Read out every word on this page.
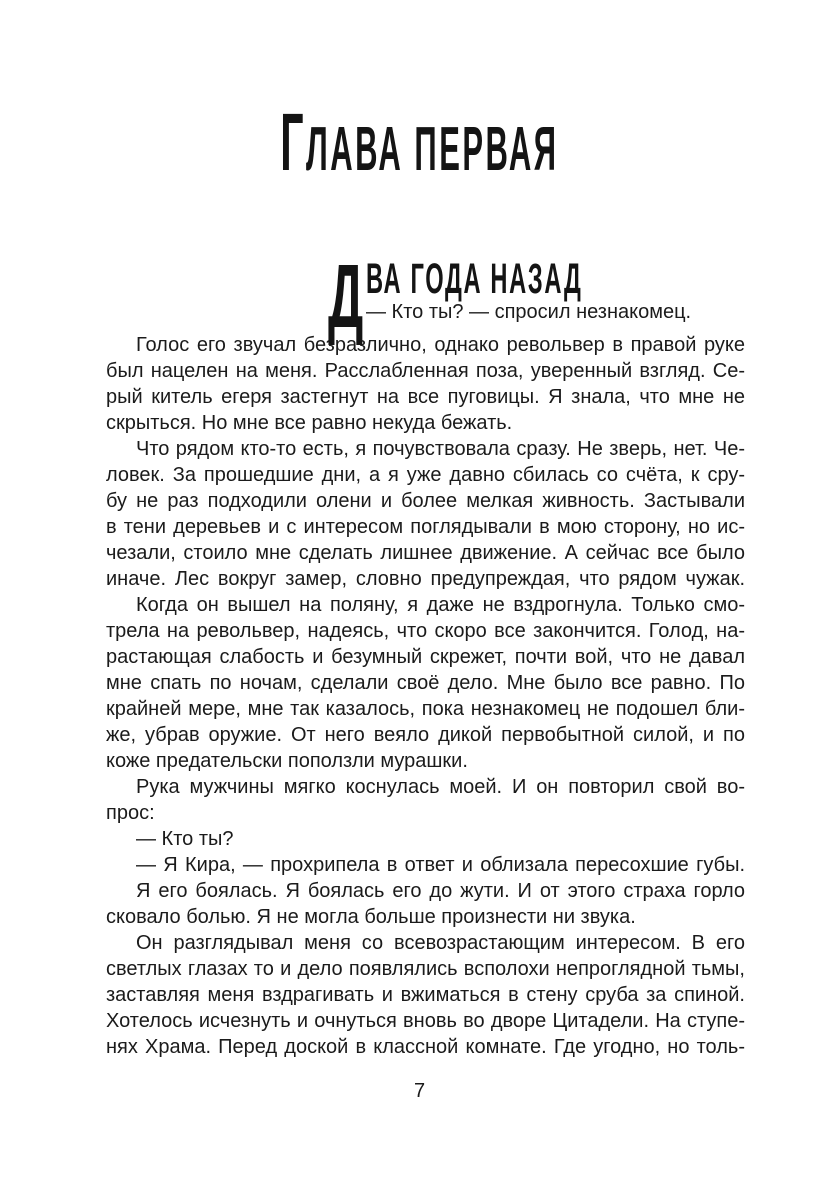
Г ЛАВА ПЕРВАЯ
Д ВА ГОДА НАЗАД
— Кто ты? — спросил незнакомец.
Голос его звучал безразлично, однако револьвер в правой руке
был нацелен на меня. Расслабленная поза, уверенный взгляд. Се-
рый китель егеря застегнут на все пуговицы. Я знала, что мне не
скрыться. Но мне все равно некуда бежать.
Что рядом кто-то есть, я почувствовала сразу. Не зверь, нет. Че-
ловек. За прошедшие дни, а я уже давно сбилась со счёта, к сру-
бу не раз подходили олени и более мелкая живность. Застывали
в тени деревьев и с интересом поглядывали в мою сторону, но ис-
чезали, стоило мне сделать лишнее движение. А сейчас все было
иначе. Лес вокруг замер, словно предупреждая, что рядом чужак.
Когда он вышел на поляну, я даже не вздрогнула. Только смо-
трела на револьвер, надеясь, что скоро все закончится. Голод, на-
растающая слабость и безумный скрежет, почти вой, что не давал
мне спать по ночам, сделали своё дело. Мне было все равно. По
крайней мере, мне так казалось, пока незнакомец не подошел бли-
же, убрав оружие. От него веяло дикой первобытной силой, и по
коже предательски поползли мурашки.
Рука мужчины мягко коснулась моей. И он повторил свой во-
прос:
— Кто ты?
— Я Кира, — прохрипела в ответ и облизала пересохшие губы.
Я его боялась. Я боялась его до жути. И от этого страха горло
сковало болью. Я не могла больше произнести ни звука.
Он разглядывал меня со всевозрастающим интересом. В его
светлых глазах то и дело появлялись всполохи непроглядной тьмы,
заставляя меня вздрагивать и вжиматься в стену сруба за спиной.
Хотелось исчезнуть и очнуться вновь во дворе Цитадели. На ступе-
нях Храма. Перед доской в классной комнате. Где угодно, но толь-
7
